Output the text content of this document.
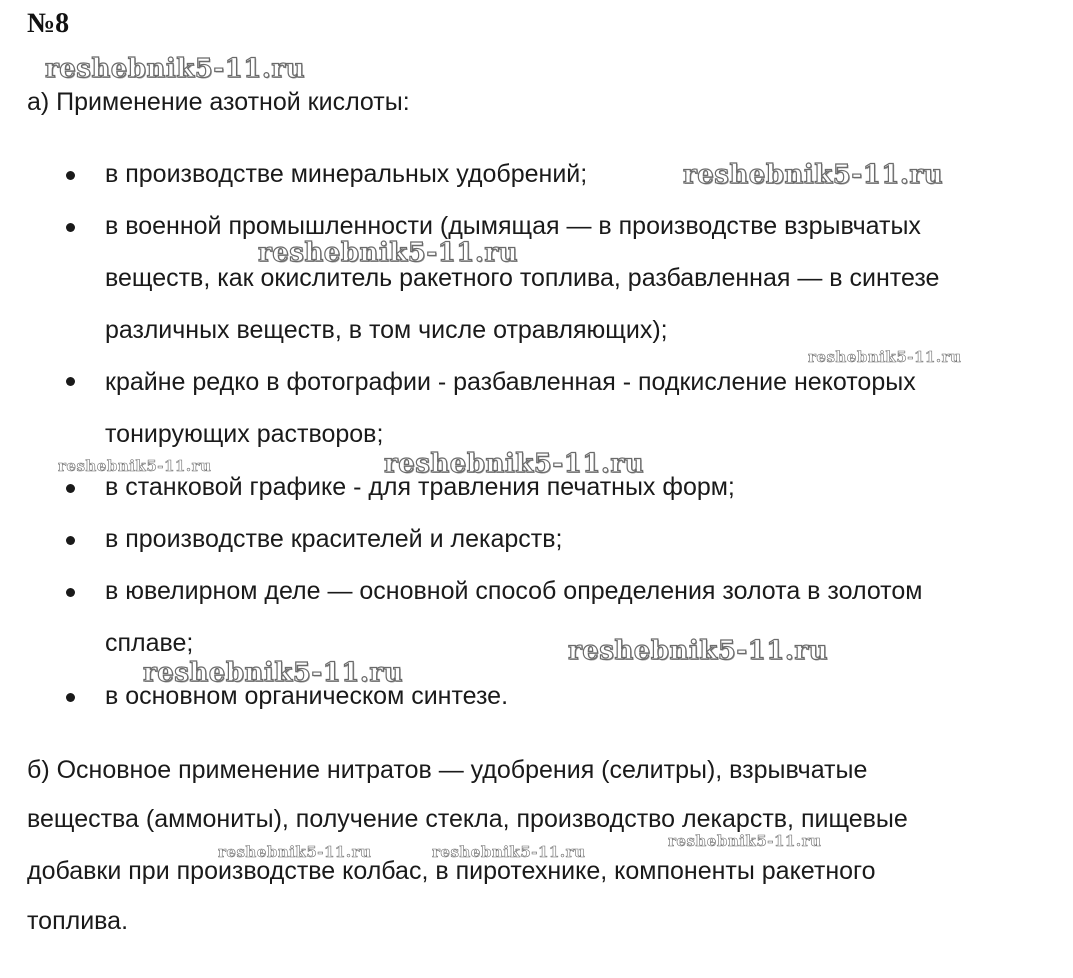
№8
reshebnik5-11.ru
а) Применение азотной кислоты:
в производстве минеральных удобрений;
в военной промышленности (дымящая — в производстве взрывчатых
веществ, как окислитель ракетного топлива, разбавленная — в синтезе
различных веществ, в том числе отравляющих);
крайне редко в фотографии - разбавленная - подкисление некоторых
тонирующих растворов;
в станковой графике - для травления печатных форм;
в производстве красителей и лекарств;
в ювелирном деле — основной способ определения золота в золотом
сплаве;
в основном органическом синтезе.
б) Основное применение нитратов — удобрения (селитры), взрывчатые
вещества (аммониты), получение стекла, производство лекарств, пищевые
добавки при производстве колбас, в пиротехнике, компоненты ракетного
топлива.
reshebnik5-11.ru
reshebnik5-11.ru
reshebnik5-11.ru
reshebnik5-11.ru	reshebnik5-11.ru
reshebnik5-11.ru
reshebnik5-11.ru
reshebnik5-11.ru
reshebnik5-11.ru	reshebnik5-11.ru
